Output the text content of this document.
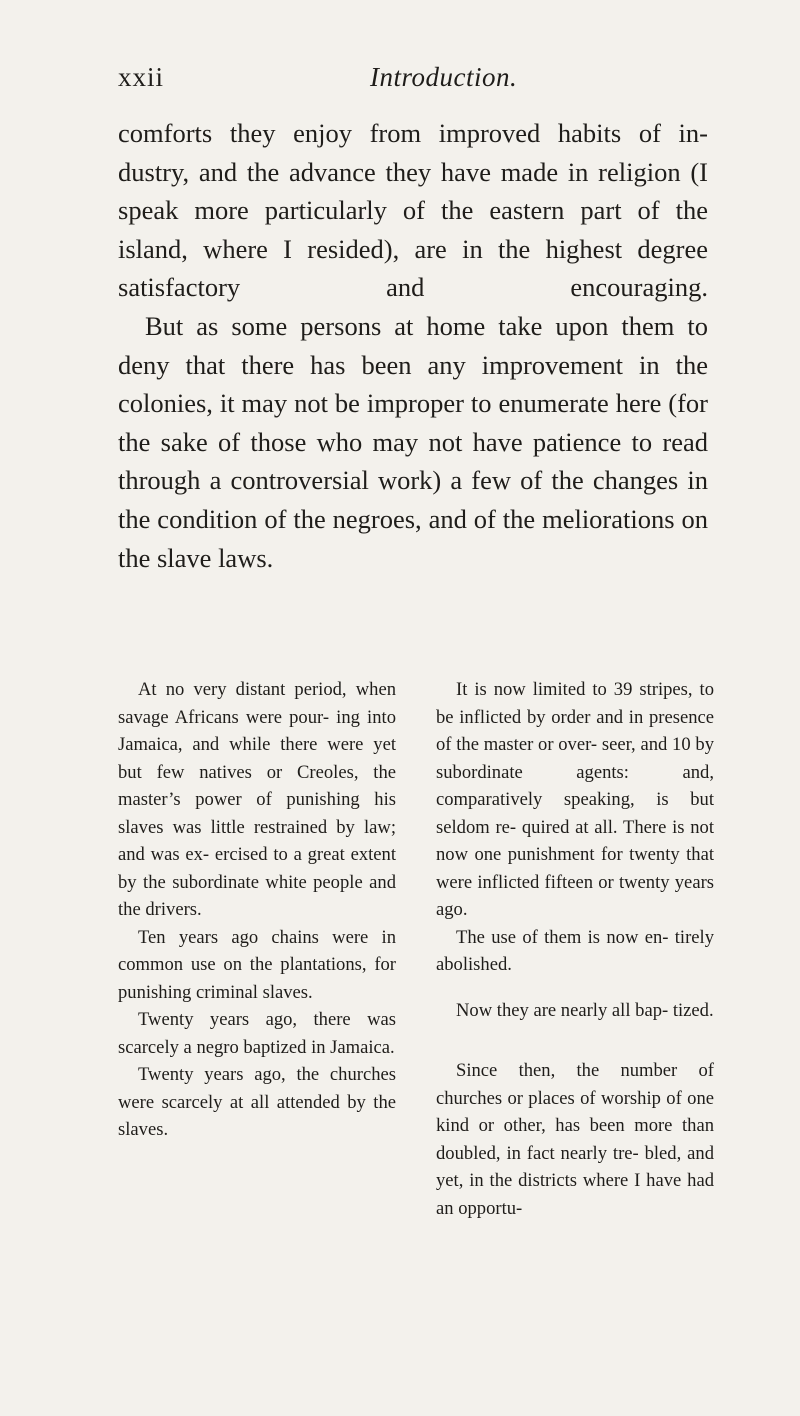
xxii	Introduction.

comforts they enjoy from improved habits of in- dustry, and the advance they have made in religion (I speak more particularly of the eastern part of the island, where I resided), are in the highest degree satisfactory and encouraging.

But as some persons at home take upon them to deny that there has been any improvement in the colonies, it may not be improper to enumerate here (for the sake of those who may not have patience to read through a controversial work) a few of the changes in the condition of the negroes, and of the meliorations on the slave laws.

At no very distant period, when savage Africans were pour- ing into Jamaica, and while there were yet but few natives or Creoles, the master’s power of punishing his slaves was little restrained by law; and was ex- ercised to a great extent by the subordinate white people and the drivers.

Ten years ago chains were in common use on the plantations, for punishing criminal slaves.

Twenty years ago, there was scarcely a negro baptized in Jamaica.

Twenty years ago, the churches were scarcely at all attended by the slaves.

It is now limited to 39 stripes, to be inflicted by order and in presence of the master or over- seer, and 10 by subordinate agents: and, comparatively speaking, is but seldom re- quired at all. There is not now one punishment for twenty that were inflicted fifteen or twenty years ago.

The use of them is now en- tirely abolished.

Now they are nearly all bap- tized.

Since then, the number of churches or places of worship of one kind or other, has been more than doubled, in fact nearly tre- bled, and yet, in the districts where I have had an opportu-
